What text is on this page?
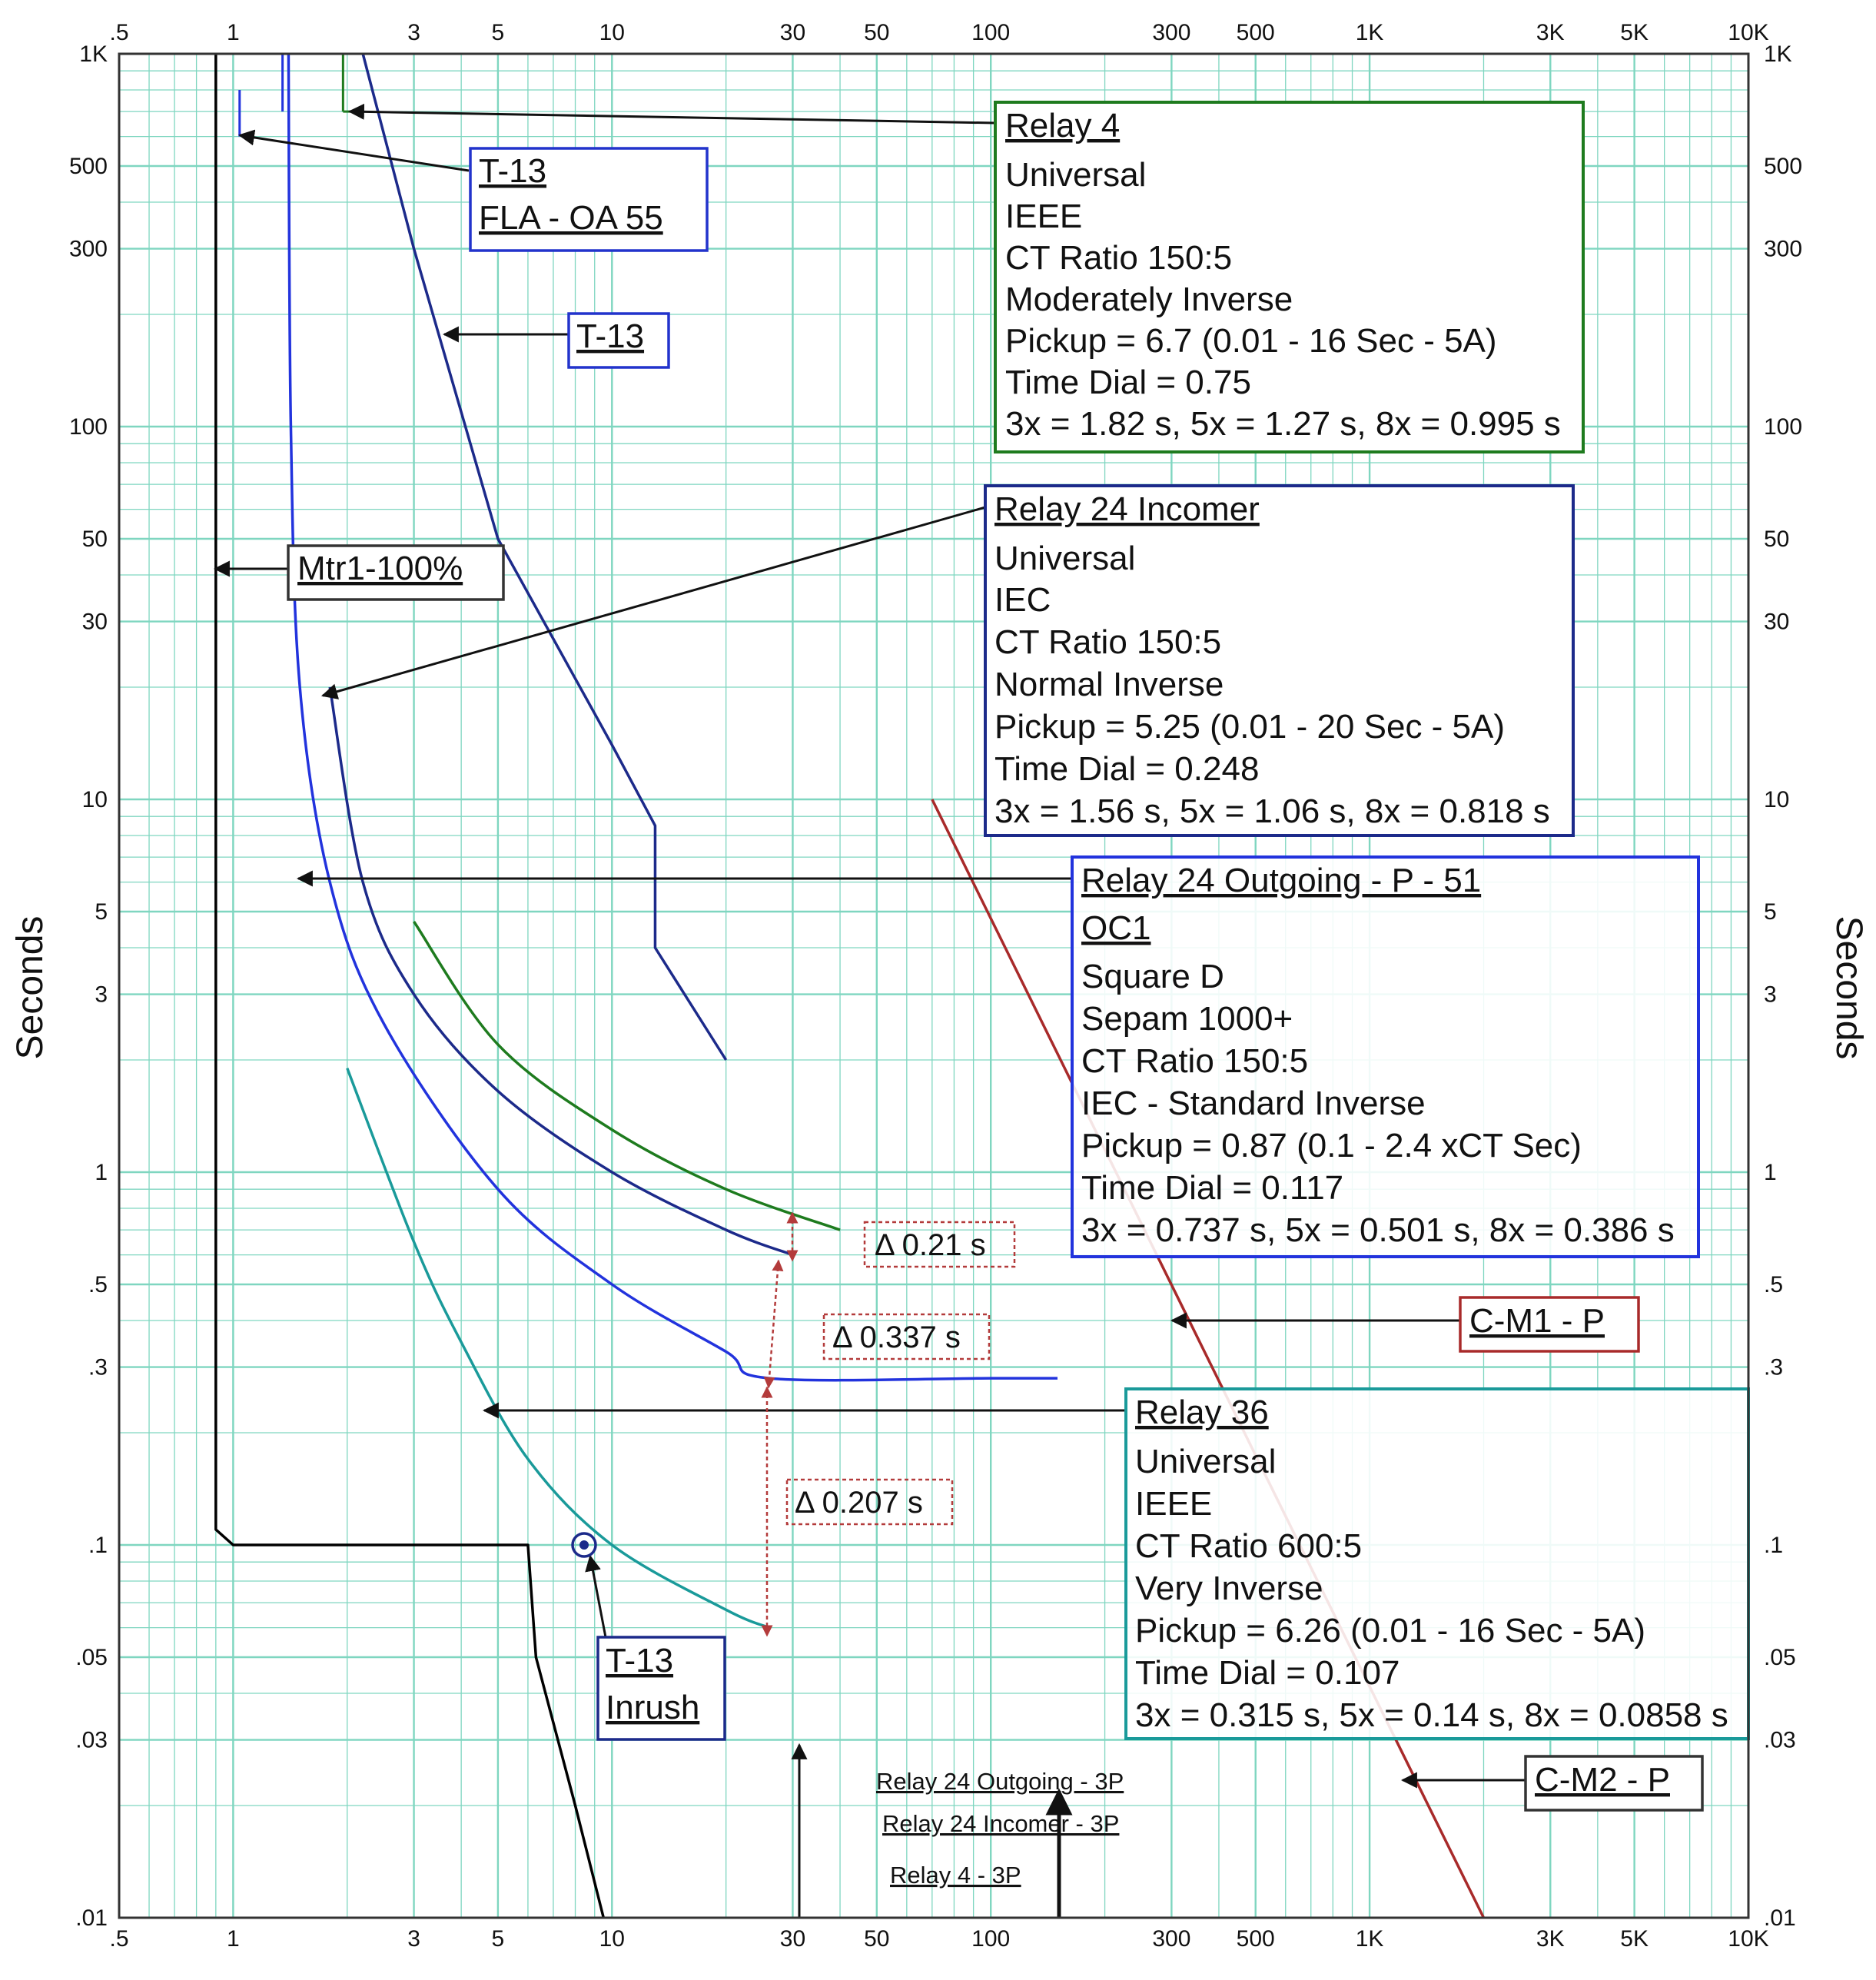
.5
.5
1
1
3
3
5
5
10
10
30
30
50
50
100
100
300
300
500
500
1K
1K
3K
3K
5K
5K
10K
10K
1K	1K
500	500
300	300
100	100
50	50
30	30
10	10
5	5
3	3
1	1
.5	.5
.3	.3
.1	.1
.05	.05
.03	.03
.01	.01
Seconds	Seconds
Δ 0.21 s
Δ 0.337 s
Δ 0.207 s
Relay 4
Universal
IEEE
CT Ratio 150:5
Moderately Inverse
Pickup = 6.7 (0.01 - 16 Sec - 5A)
Time Dial = 0.75
3x = 1.82 s, 5x = 1.27 s, 8x = 0.995 s
T-13
FLA - OA 55
T-13
Mtr1-100%
Relay 24 Incomer
Universal
IEC
CT Ratio 150:5
Normal Inverse
Pickup = 5.25 (0.01 - 20 Sec - 5A)
Time Dial = 0.248
3x = 1.56 s, 5x = 1.06 s, 8x = 0.818 s
Relay 24 Outgoing - P - 51
OC1
Square D
Sepam 1000+
CT Ratio 150:5
IEC - Standard Inverse
Pickup = 0.87 (0.1 - 2.4 xCT Sec)
Time Dial = 0.117
3x = 0.737 s, 5x = 0.501 s, 8x = 0.386 s
C-M1 - P
Relay 36
Universal
IEEE
CT Ratio 600:5
Very Inverse
Pickup = 6.26 (0.01 - 16 Sec - 5A)
Time Dial = 0.107
3x = 0.315 s, 5x = 0.14 s, 8x = 0.0858 s
T-13
Inrush
C-M2 - P
Relay 24 Outgoing - 3P
Relay 24 Incomer - 3P
Relay 4 - 3P
